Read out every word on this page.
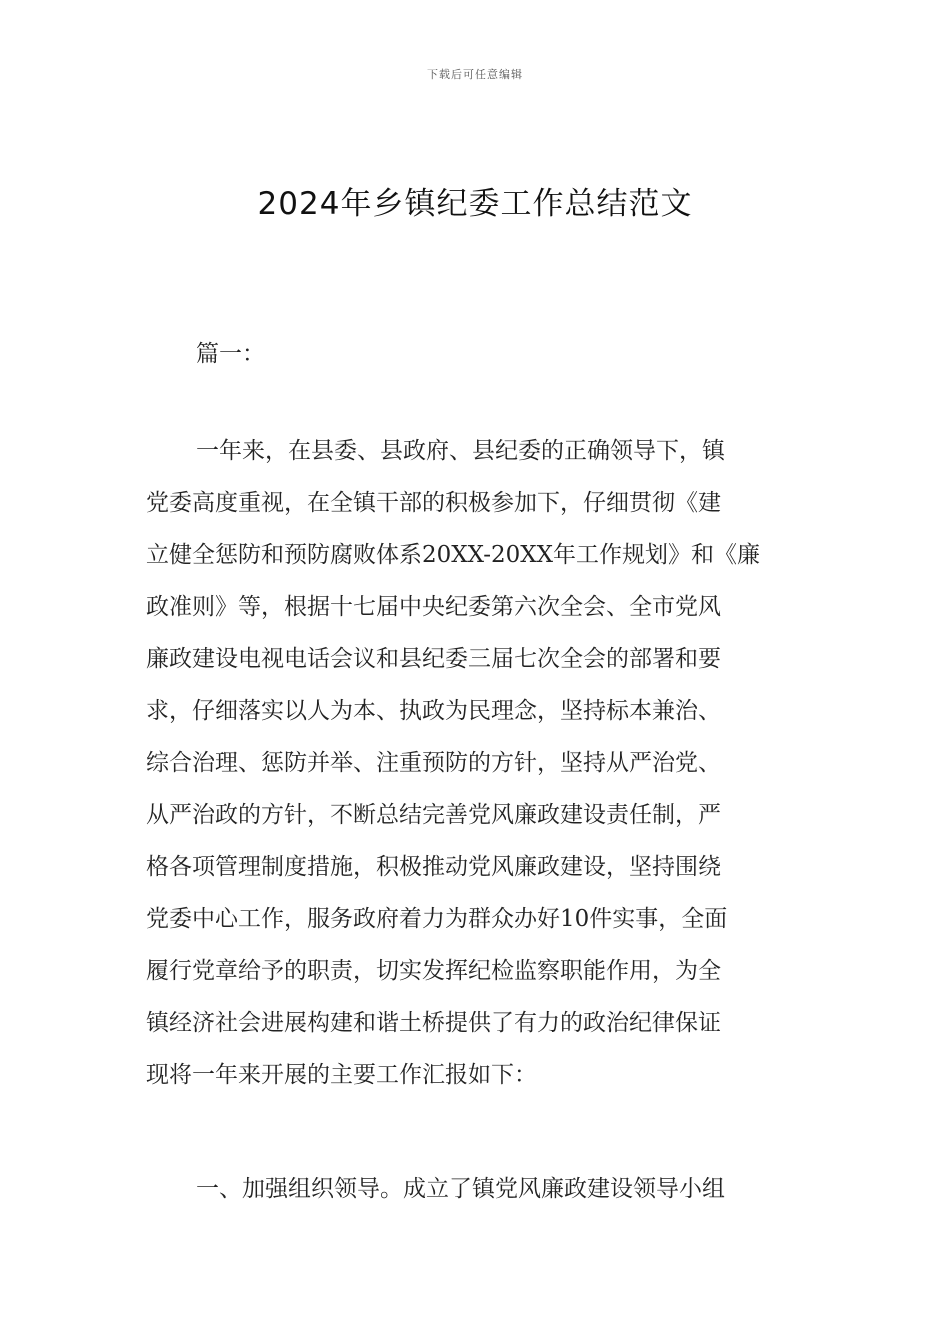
下载后可任意编辑
2024年乡镇纪委工作总结范文
篇一：
一年来，在县委、县政府、县纪委的正确领导下，镇
党委高度重视，在全镇干部的积极参加下，仔细贯彻《建
立健全惩防和预防腐败体系20XX-20XX年工作规划》和《廉
政准则》等，根据十七届中央纪委第六次全会、全市党风
廉政建设电视电话会议和县纪委三届七次全会的部署和要
求，仔细落实以人为本、执政为民理念，坚持标本兼治、
综合治理、惩防并举、注重预防的方针，坚持从严治党、
从严治政的方针，不断总结完善党风廉政建设责任制，严
格各项管理制度措施，积极推动党风廉政建设，坚持围绕
党委中心工作，服务政府着力为群众办好10件实事，全面
履行党章给予的职责，切实发挥纪检监察职能作用，为全
镇经济社会进展构建和谐土桥提供了有力的政治纪律保证
现将一年来开展的主要工作汇报如下：
一、加强组织领导。成立了镇党风廉政建设领导小组
